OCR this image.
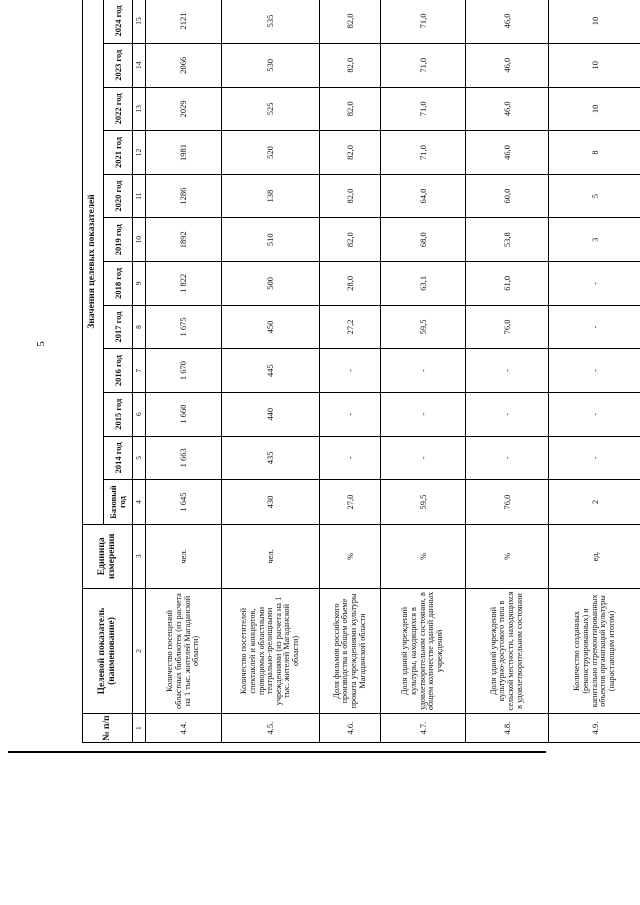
5
№ п/п	Целевой показатель (наименование)	Единица измерения	Значения целевых показателей											
			Базовый год	2014 год	2015 год	2016 год	2017 год	2018 год	2019 год	2020 год	2021 год	2022 год	2023 год	2024 год
1	2	3	4	5	6	7	8	9	10	11	12	13	14	15
4.4.	Количество посещений областных библиотек (из расчета на 1 тыс. жителей Магаданской области)	чел.	1 645	1 663	1 660	1 670	1 675	1 822	1892	1286	1981	2029	2066	2121
4.5.	Количество посетителей спектаклей и концертов, проводимых областными театрально-зрелищными учреждениями (из расчета на 1 тыс. жителей Магаданской области)	чел.	430	435	440	445	450	500	510	138	520	525	530	535
4.6.	Доля фильмов российского производства в общем объеме проката учреждениями культуры Магаданской области	%	27,0	-	-	-	27,2	28,0	82,0	82,0	82,0	82,0	82,0	82,0
4.7.	Доля зданий учреждений культуры, находящихся в удовлетворительном состоянии, в общем количестве зданий данных учреждений	%	59,5	-	-	-	59,5	63,1	68,0	64,0	71,0	71,0	71,0	71,0
4.8.	Доля зданий учреждений культурно-досугового типа в сельской местности, находящихся в удовлетворительном состоянии	%	76,0	-	-	-	76,0	61,0	53,8	60,0	46,0	46,0	46,0	46,0
4.9.	Количество созданных (реконструированных) и капитально отремонтированных объектов организаций культуры (нарастающим итогом)	ед.	2	-	-	-	-	-	3	5	8	10	10	10
